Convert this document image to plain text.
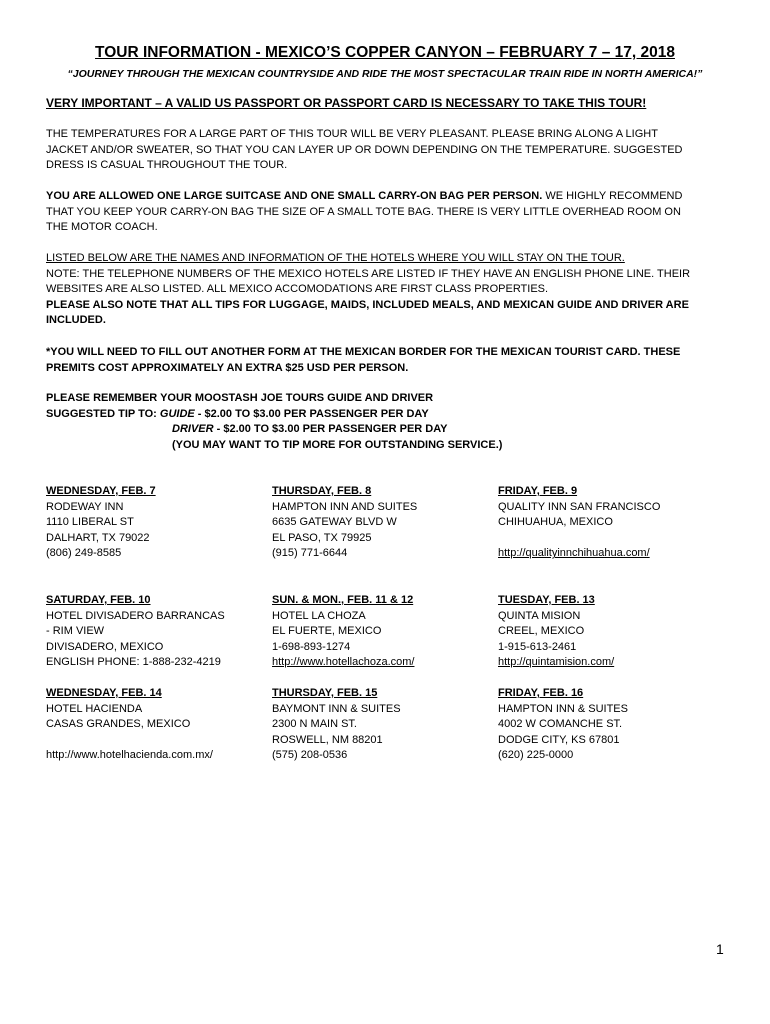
TOUR INFORMATION - MEXICO’S COPPER CANYON – FEBRUARY 7 – 17, 2018
“JOURNEY THROUGH THE MEXICAN COUNTRYSIDE AND RIDE THE MOST SPECTACULAR TRAIN RIDE IN NORTH AMERICA!”
VERY IMPORTANT – A VALID US PASSPORT OR PASSPORT CARD IS NECESSARY TO TAKE THIS TOUR!
THE TEMPERATURES FOR A LARGE PART OF THIS TOUR WILL BE VERY PLEASANT. PLEASE BRING ALONG A LIGHT
JACKET AND/OR SWEATER, SO THAT YOU CAN LAYER UP OR DOWN DEPENDING ON THE TEMPERATURE. SUGGESTED
DRESS IS CASUAL THROUGHOUT THE TOUR.
YOU ARE ALLOWED ONE LARGE SUITCASE AND ONE SMALL CARRY-ON BAG PER PERSON. WE HIGHLY RECOMMEND
THAT YOU KEEP YOUR CARRY-ON BAG THE SIZE OF A SMALL TOTE BAG. THERE IS VERY LITTLE OVERHEAD ROOM ON
THE MOTOR COACH.
LISTED BELOW ARE THE NAMES AND INFORMATION OF THE HOTELS WHERE YOU WILL STAY ON THE TOUR.
NOTE: THE TELEPHONE NUMBERS OF THE MEXICO HOTELS ARE LISTED IF THEY HAVE AN ENGLISH PHONE LINE. THEIR
WEBSITES ARE ALSO LISTED. ALL MEXICO ACCOMODATIONS ARE FIRST CLASS PROPERTIES.
PLEASE ALSO NOTE THAT ALL TIPS FOR LUGGAGE, MAIDS, INCLUDED MEALS, AND MEXICAN GUIDE AND DRIVER ARE
INCLUDED.
*YOU WILL NEED TO FILL OUT ANOTHER FORM AT THE MEXICAN BORDER FOR THE MEXICAN TOURIST CARD. THESE
PREMITS COST APPROXIMATELY AN EXTRA $25 USD PER PERSON.
PLEASE REMEMBER YOUR MOOSTASH JOE TOURS GUIDE AND DRIVER
SUGGESTED TIP TO: GUIDE - $2.00 TO $3.00 PER PASSENGER PER DAY
DRIVER - $2.00 TO $3.00 PER PASSENGER PER DAY
(YOU MAY WANT TO TIP MORE FOR OUTSTANDING SERVICE.)
WEDNESDAY, FEB. 7
RODEWAY INN
1110 LIBERAL ST
DALHART, TX 79022
(806) 249-8585
THURSDAY, FEB. 8
HAMPTON INN AND SUITES
6635 GATEWAY BLVD W
EL PASO, TX 79925
(915) 771-6644
FRIDAY, FEB. 9
QUALITY INN SAN FRANCISCO
CHIHUAHUA, MEXICO
http://qualityinnchihuahua.com/
SATURDAY, FEB. 10
HOTEL DIVISADERO BARRANCAS
- RIM VIEW
DIVISADERO, MEXICO
ENGLISH PHONE: 1-888-232-4219
SUN. & MON., FEB. 11 & 12
HOTEL LA CHOZA
EL FUERTE, MEXICO
1-698-893-1274
http://www.hotellachoza.com/
TUESDAY, FEB. 13
QUINTA MISION
CREEL, MEXICO
1-915-613-2461
http://quintamision.com/
WEDNESDAY, FEB. 14
HOTEL HACIENDA
CASAS GRANDES, MEXICO
http://www.hotelhacienda.com.mx/
THURSDAY, FEB. 15
BAYMONT INN & SUITES
2300 N MAIN ST.
ROSWELL, NM 88201
(575) 208-0536
FRIDAY, FEB. 16
HAMPTON INN & SUITES
4002 W COMANCHE ST.
DODGE CITY, KS 67801
(620) 225-0000
1
